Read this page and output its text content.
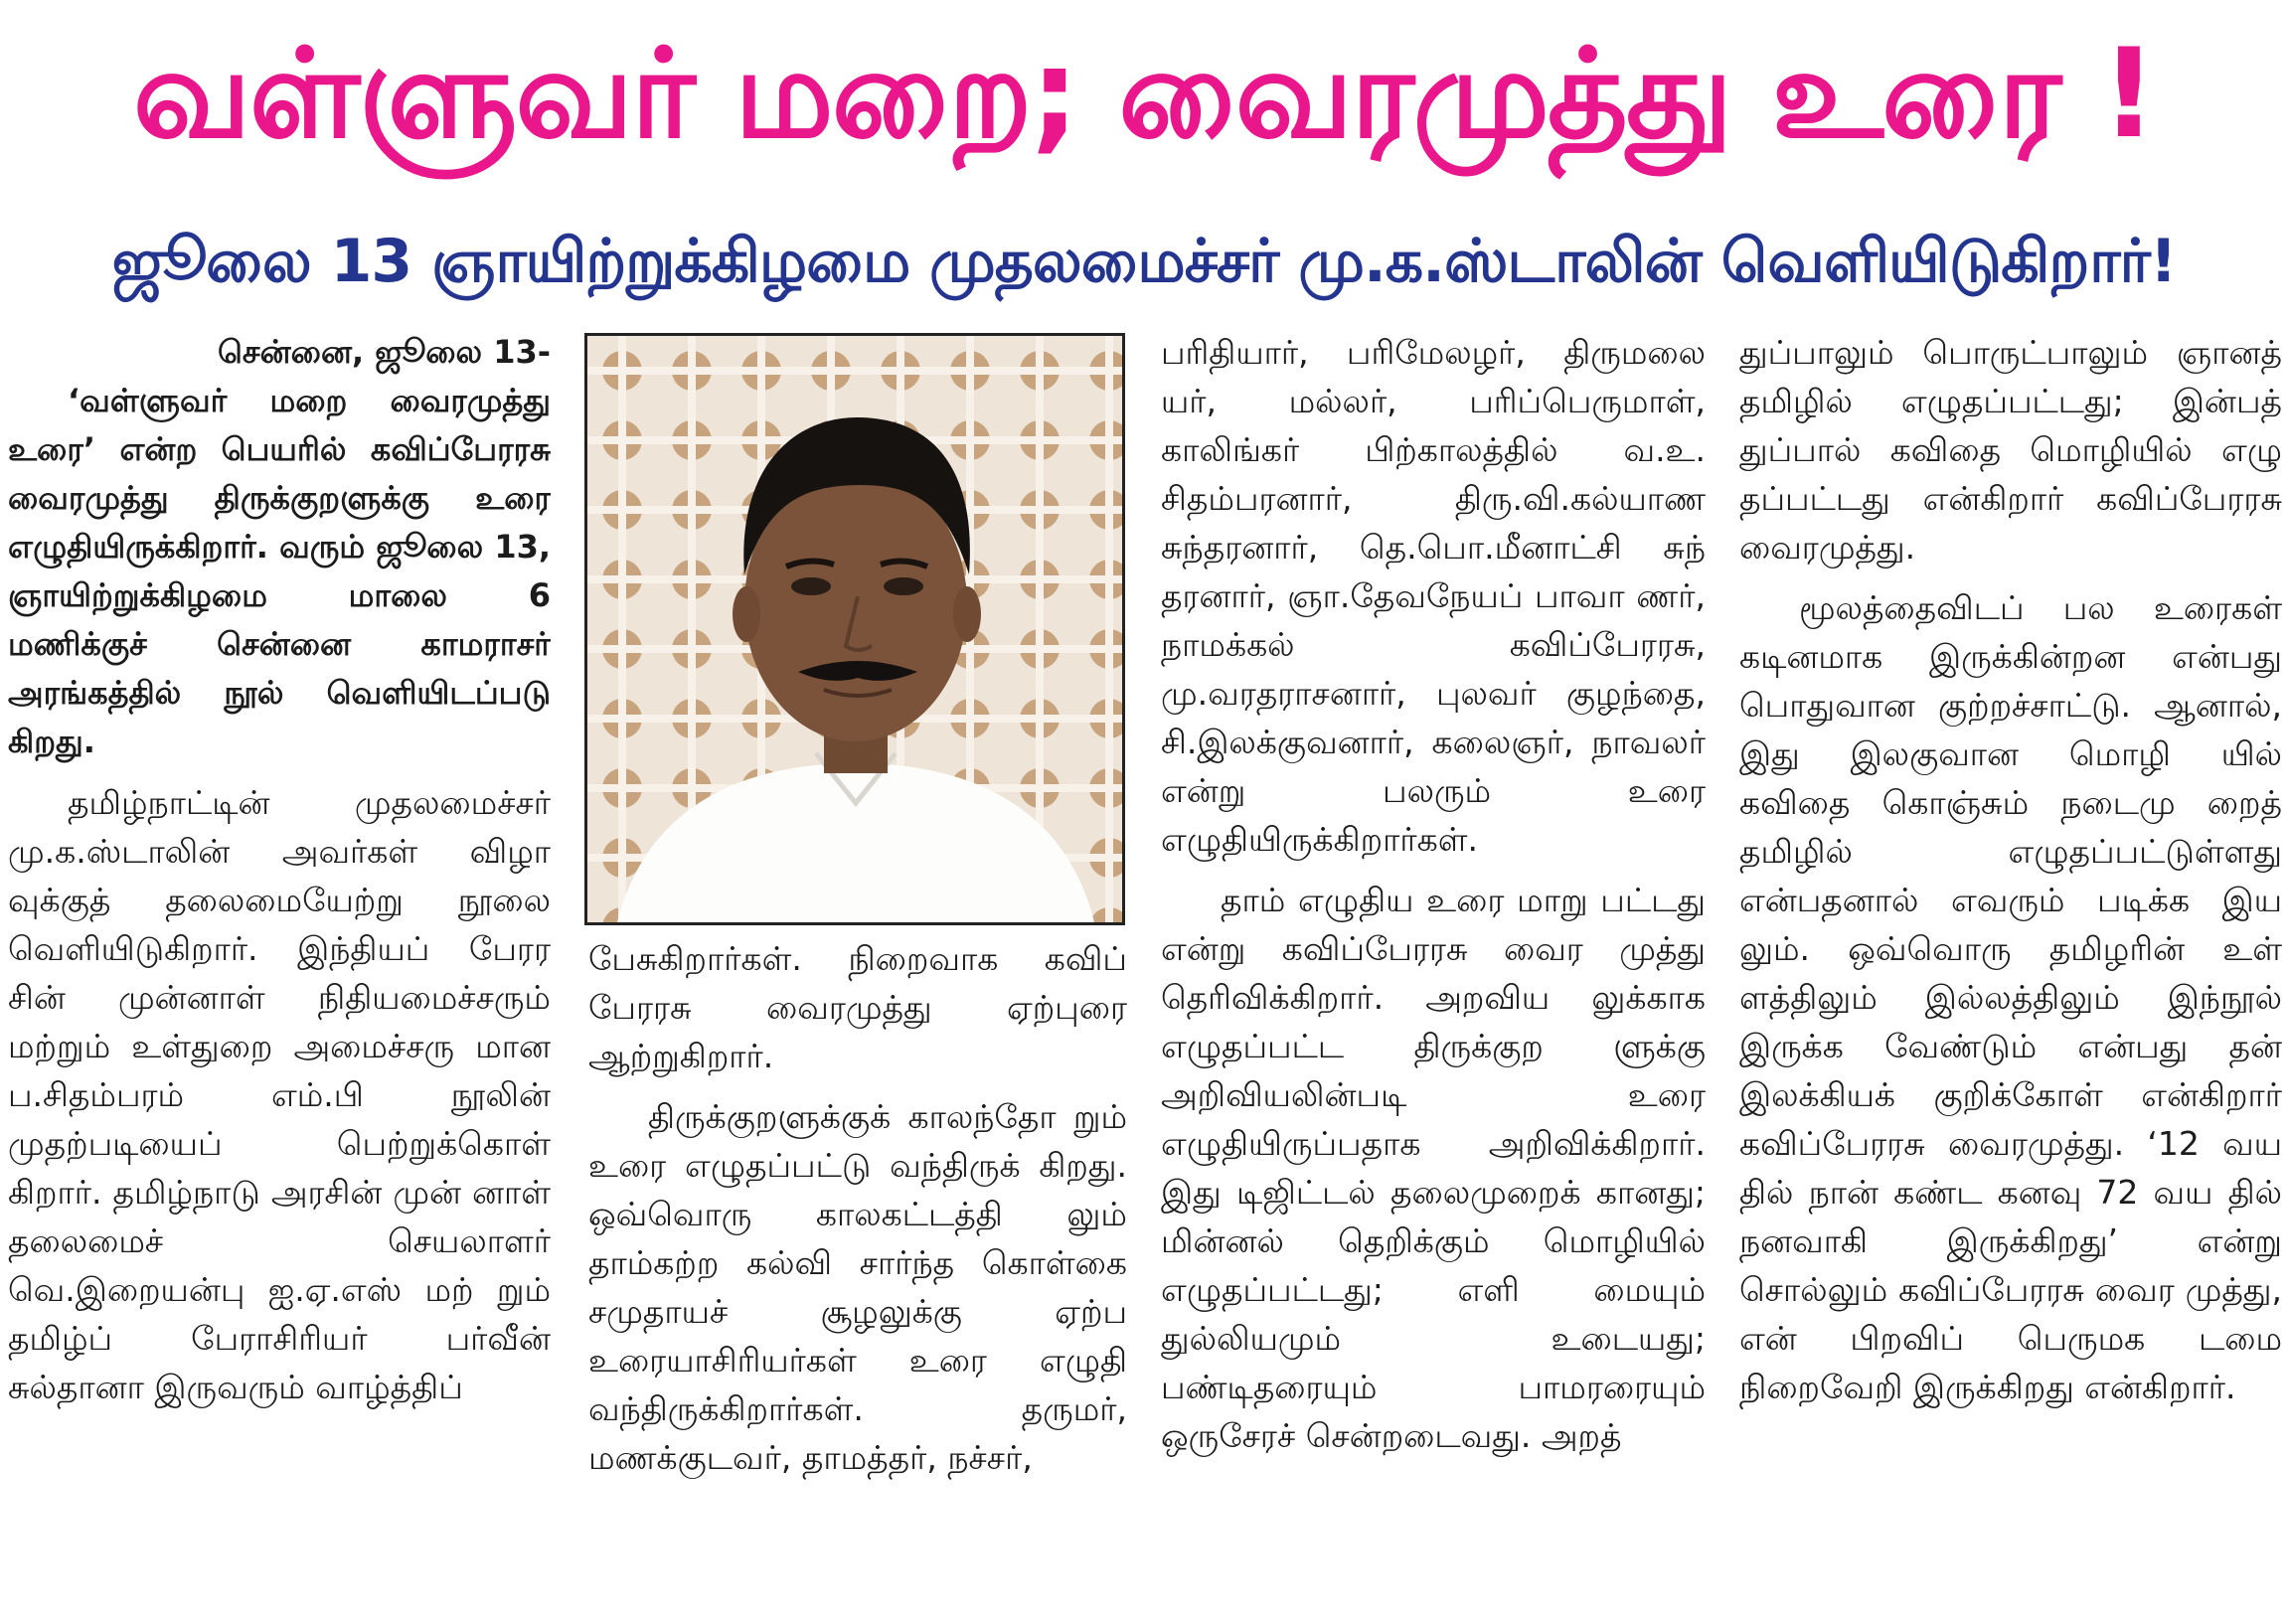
வள்ளுவர் மறை; வைரமுத்து உரை !
ஜூலை 13 ஞாயிற்றுக்கிழமை முதலமைச்சர் மு.க.ஸ்டாலின் வெளியிடுகிறார்!

சென்னை, ஜூலை 13-
‘வள்ளுவர் மறை வைரமுத்து உரை’ என்ற பெயரில் கவிப்பேரரசு வைரமுத்து திருக்குறளுக்கு உரை எழுதியிருக்கிறார். வரும் ஜூலை 13, ஞாயிற்றுக்கிழமை மாலை 6 மணிக்குச் சென்னை காமராசர் அரங்கத்தில் நூல் வெளியிடப்படு கிறது.

தமிழ்நாட்டின் முதலமைச்சர் மு.க.ஸ்டாலின் அவர்கள் விழா வுக்குத் தலைமையேற்று நூலை வெளியிடுகிறார். இந்தியப் பேரர சின் முன்னாள் நிதியமைச்சரும் மற்றும் உள்துறை அமைச்சரு மான ப.சிதம்பரம் எம்.பி நூலின் முதற்படியைப் பெற்றுக்கொள் கிறார். தமிழ்நாடு அரசின் முன் னாள் தலைமைச் செயலாளர் வெ.இறையன்பு ஐ.ஏ.எஸ் மற் றும் தமிழ்ப் பேராசிரியர் பர்வீன் சுல்தானா இருவரும் வாழ்த்திப்

பேசுகிறார்கள். நிறைவாக கவிப் பேரரசு வைரமுத்து ஏற்புரை ஆற்றுகிறார்.

திருக்குறளுக்குக் காலந்தோ றும் உரை எழுதப்பட்டு வந்திருக் கிறது. ஒவ்வொரு காலகட்டத்தி லும் தாம்கற்ற கல்வி சார்ந்த கொள்கை சமுதாயச் சூழலுக்கு ஏற்ப உரையாசிரியர்கள் உரை எழுதி வந்திருக்கிறார்கள். தருமர், மணக்குடவர், தாமத்தர், நச்சர்,

பரிதியார், பரிமேலழர், திருமலை யர், மல்லர், பரிப்பெருமாள், காலிங்கர் பிற்காலத்தில் வ.உ. சிதம்பரனார், திரு.வி.கல்யாண சுந்தரனார், தெ.பொ.மீனாட்சி சுந் தரனார், ஞா.தேவநேயப் பாவா ணர், நாமக்கல் கவிப்பேரரசு, மு.வரதராசனார், புலவர் குழந்தை, சி.இலக்குவனார், கலைஞர், நாவலர் என்று பலரும் உரை எழுதியிருக்கிறார்கள்.

தாம் எழுதிய உரை மாறு பட்டது என்று கவிப்பேரரசு வைர முத்து தெரிவிக்கிறார். அறவிய லுக்காக எழுதப்பட்ட திருக்குற ளுக்கு அறிவியலின்படி உரை எழுதியிருப்பதாக அறிவிக்கிறார். இது டிஜிட்டல் தலைமுறைக் கானது; மின்னல் தெறிக்கும் மொழியில் எழுதப்பட்டது; எளி மையும் துல்லியமும் உடையது; பண்டிதரையும் பாமரரையும் ஒருசேரச் சென்றடைவது. அறத்

துப்பாலும் பொருட்பாலும் ஞானத் தமிழில் எழுதப்பட்டது; இன்பத் துப்பால் கவிதை மொழியில் எழு தப்பட்டது என்கிறார் கவிப்பேரரசு வைரமுத்து.

மூலத்தைவிடப் பல உரைகள் கடினமாக இருக்கின்றன என்பது பொதுவான குற்றச்சாட்டு. ஆனால், இது இலகுவான மொழி யில் கவிதை கொஞ்சும் நடைமு றைத் தமிழில் எழுதப்பட்டுள்ளது என்பதனால் எவரும் படிக்க இய லும். ஒவ்வொரு தமிழரின் உள் ளத்திலும் இல்லத்திலும் இந்நூல் இருக்க வேண்டும் என்பது தன் இலக்கியக் குறிக்கோள் என்கிறார் கவிப்பேரரசு வைரமுத்து. ‘12 வய தில் நான் கண்ட கனவு 72 வய தில் நனவாகி இருக்கிறது’ என்று சொல்லும் கவிப்பேரரசு வைர முத்து, என் பிறவிப் பெருமக டமை நிறைவேறி இருக்கிறது என்கிறார்.
